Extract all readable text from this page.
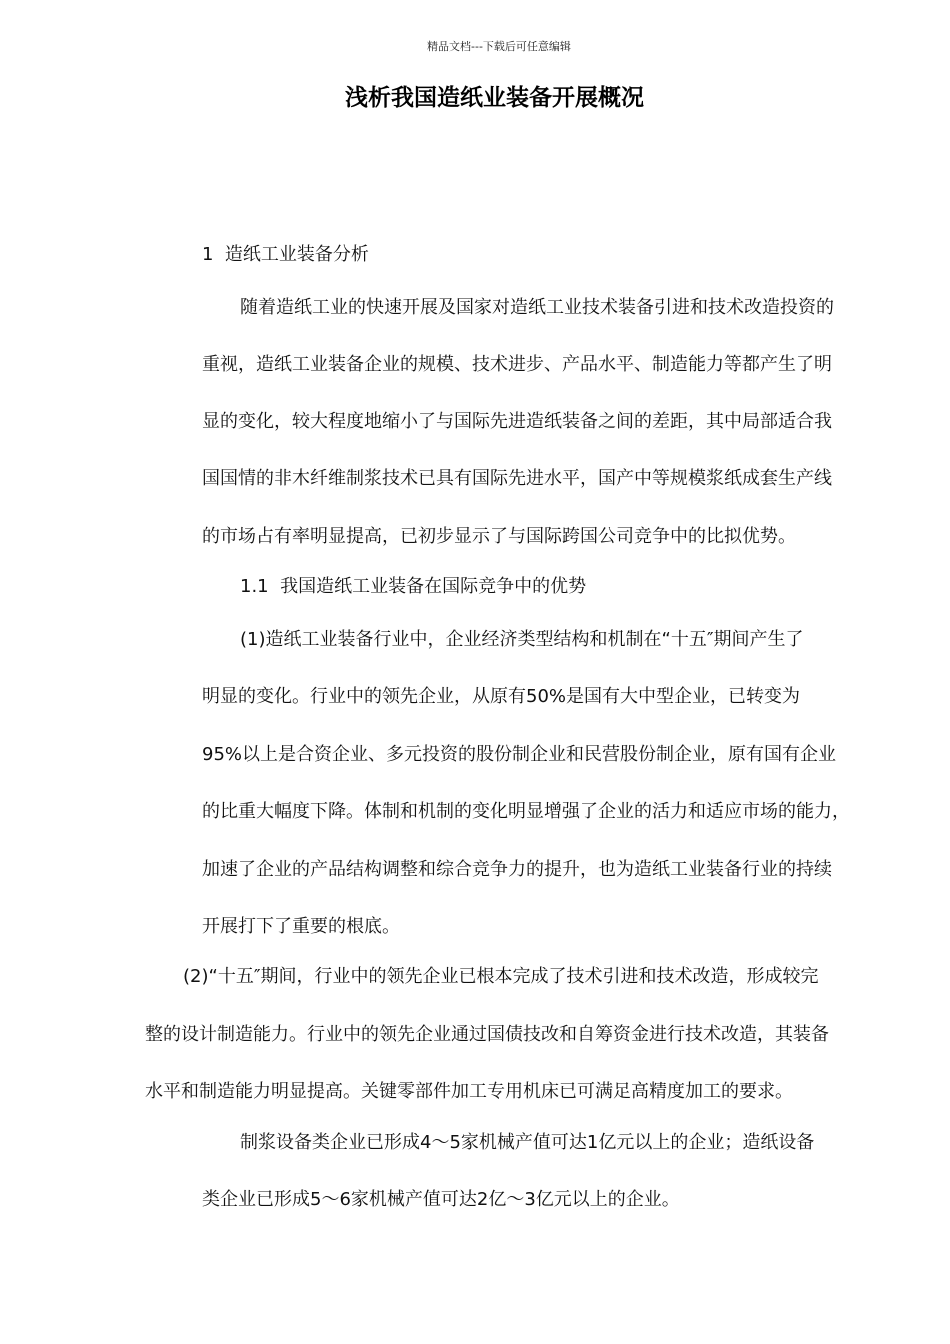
精品文档---下载后可任意编辑
浅析我国造纸业装备开展概况
1  造纸工业装备分析
随着造纸工业的快速开展及国家对造纸工业技术装备引进和技术改造投资的
重视，造纸工业装备企业的规模、技术进步、产品水平、制造能力等都产生了明
显的变化，较大程度地缩小了与国际先进造纸装备之间的差距，其中局部适合我
国国情的非木纤维制浆技术已具有国际先进水平，国产中等规模浆纸成套生产线
的市场占有率明显提高，已初步显示了与国际跨国公司竞争中的比拟优势。
1.1  我国造纸工业装备在国际竞争中的优势
(1)造纸工业装备行业中，企业经济类型结构和机制在“十五″期间产生了
明显的变化。行业中的领先企业，从原有50%是国有大中型企业，已转变为
95%以上是合资企业、多元投资的股份制企业和民营股份制企业，原有国有企业
的比重大幅度下降。体制和机制的变化明显增强了企业的活力和适应市场的能力，
加速了企业的产品结构调整和综合竞争力的提升，也为造纸工业装备行业的持续
开展打下了重要的根底。
(2)“十五″期间，行业中的领先企业已根本完成了技术引进和技术改造，形成较完
整的设计制造能力。行业中的领先企业通过国债技改和自筹资金进行技术改造，其装备
水平和制造能力明显提高。关键零部件加工专用机床已可满足高精度加工的要求。
制浆设备类企业已形成4～5家机械产值可达1亿元以上的企业；造纸设备
类企业已形成5～6家机械产值可达2亿～3亿元以上的企业。
